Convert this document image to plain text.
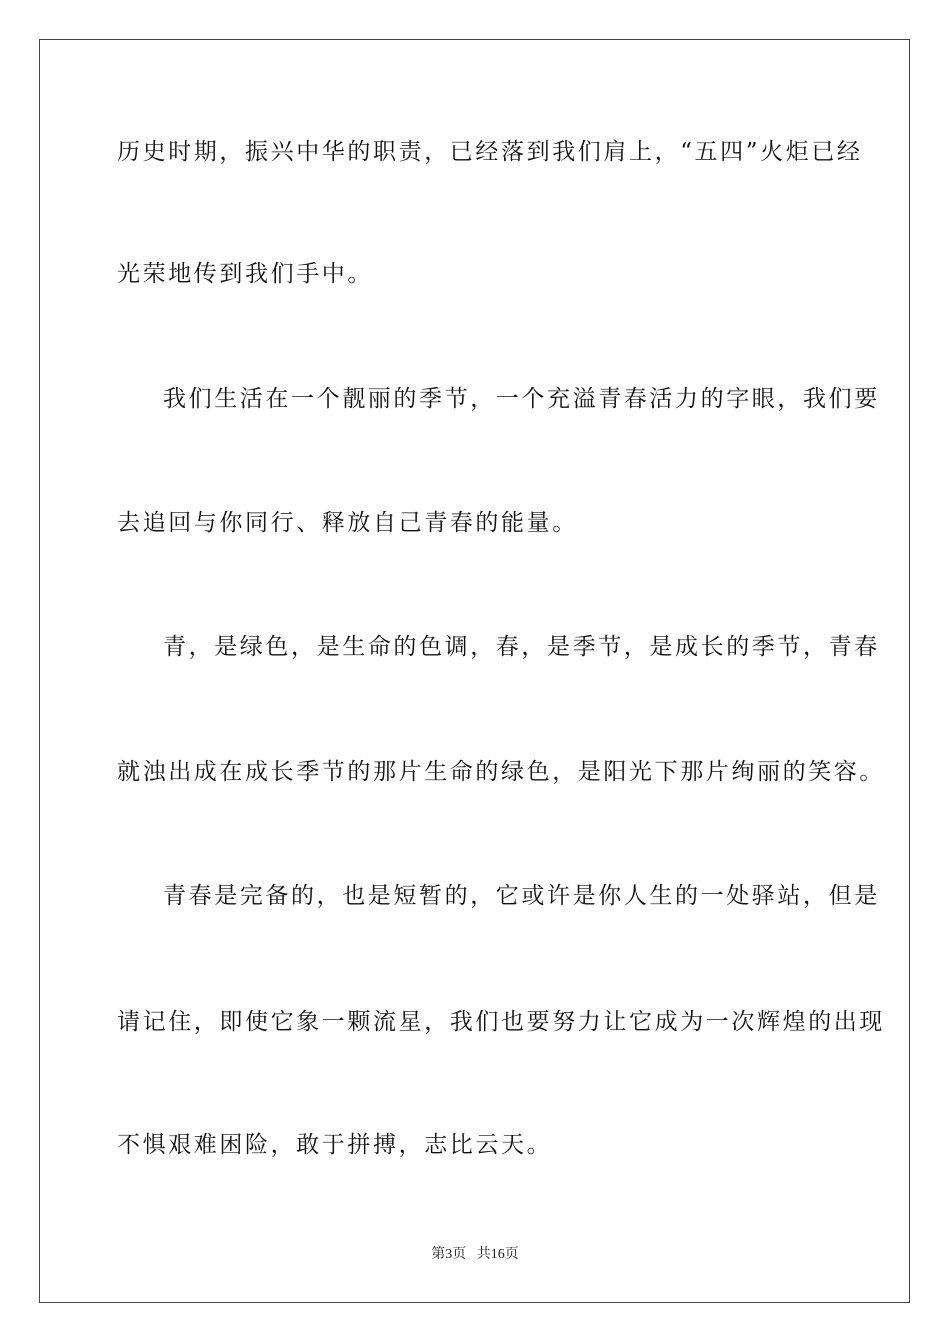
历史时期，振兴中华的职责，已经落到我们肩上，“五四”火炬已经
光荣地传到我们手中。
我们生活在一个靓丽的季节，一个充溢青春活力的字眼，我们要
去追回与你同行、释放自己青春的能量。
青，是绿色，是生命的色调，春，是季节，是成长的季节，青春
就浊出成在成长季节的那片生命的绿色，是阳光下那片绚丽的笑容。
青春是完备的，也是短暂的，它或许是你人生的一处驿站，但是
请记住，即使它象一颗流星，我们也要努力让它成为一次辉煌的出现
不惧艰难困险，敢于拼搏，志比云天。
第3页 共16页
